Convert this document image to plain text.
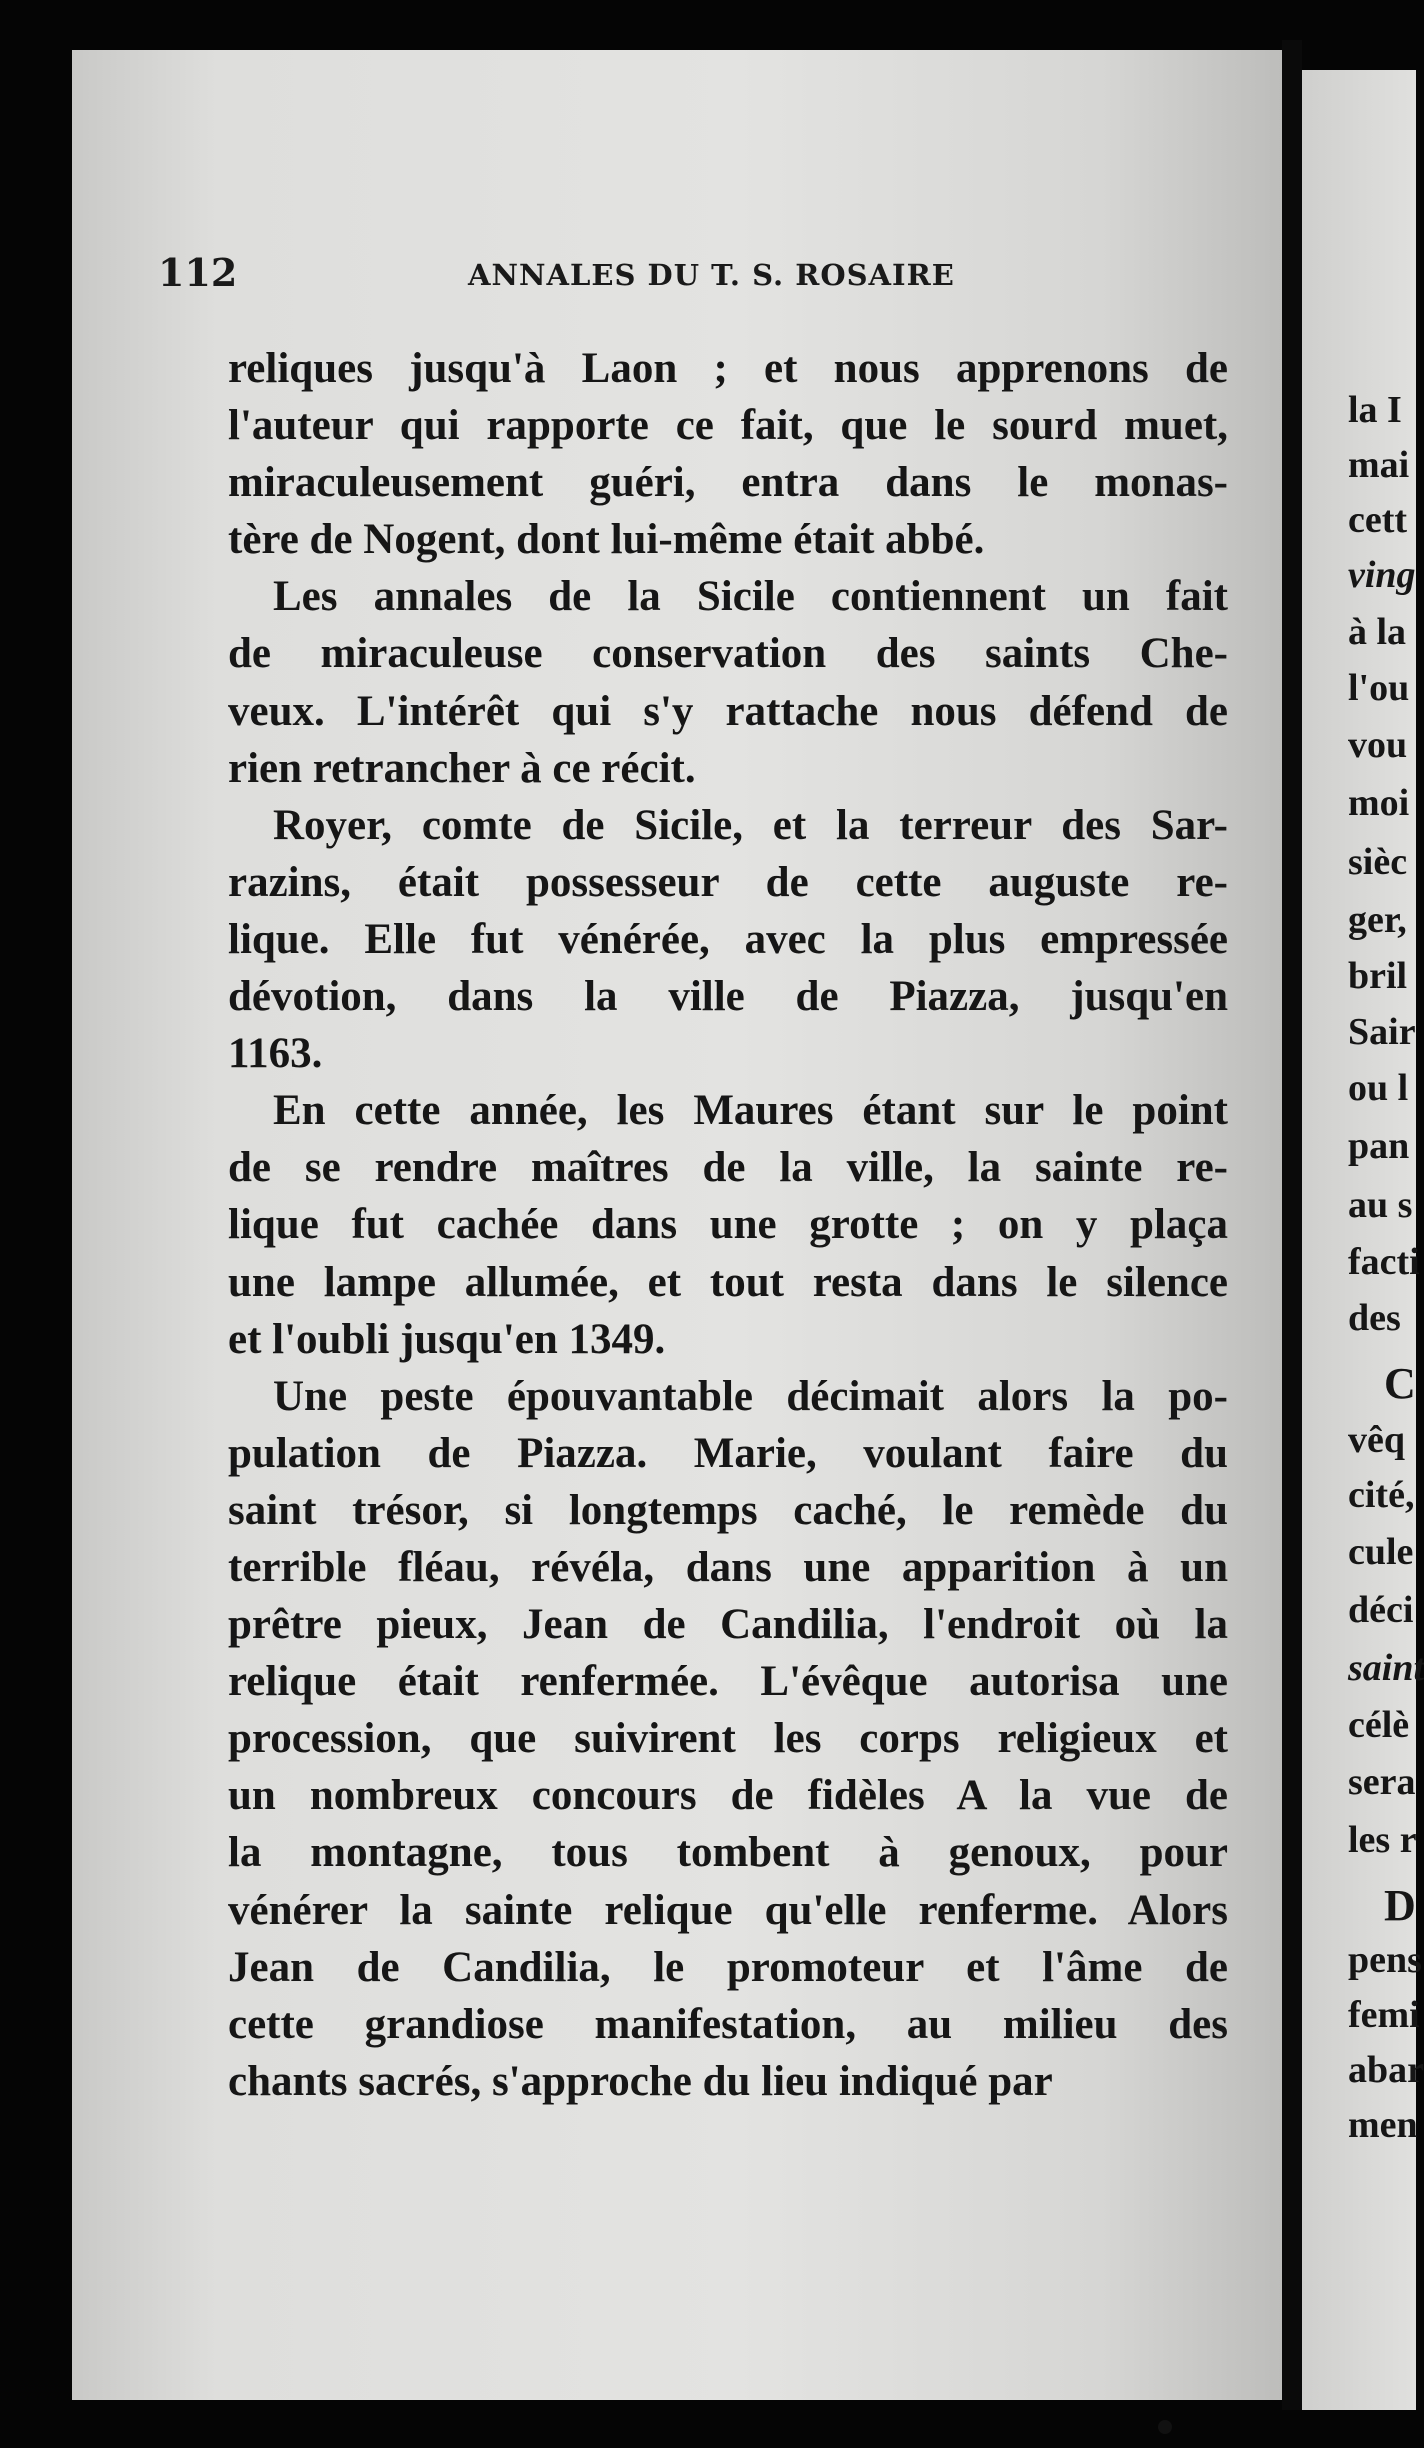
112	ANNALES DU T. S. ROSAIRE
reliques jusqu'à Laon ; et nous apprenons de
l'auteur qui rapporte ce fait, que le sourd muet,
miraculeusement guéri, entra dans le monas-
tère de Nogent, dont lui-même était abbé.
Les annales de la Sicile contiennent un fait
de miraculeuse conservation des saints Che-
veux. L'intérêt qui s'y rattache nous défend de
rien retrancher à ce récit.
Royer, comte de Sicile, et la terreur des Sar-
razins, était possesseur de cette auguste re-
lique. Elle fut vénérée, avec la plus empressée
dévotion, dans la ville de Piazza, jusqu'en
1163.
En cette année, les Maures étant sur le point
de se rendre maîtres de la ville, la sainte re-
lique fut cachée dans une grotte ; on y plaça
une lampe allumée, et tout resta dans le silence
et l'oubli jusqu'en 1349.
Une peste épouvantable décimait alors la po-
pulation de Piazza. Marie, voulant faire du
saint trésor, si longtemps caché, le remède du
terrible fléau, révéla, dans une apparition à un
prêtre pieux, Jean de Candilia, l'endroit où la
relique était renfermée. L'évêque autorisa une
procession, que suivirent les corps religieux et
un nombreux concours de fidèles A la vue de
la montagne, tous tombent à genoux, pour
vénérer la sainte relique qu'elle renferme. Alors
Jean de Candilia, le promoteur et l'âme de
cette grandiose manifestation, au milieu des
chants sacrés, s'approche du lieu indiqué par
la I
mai
cett
ving
à la
l'ou
vou
moi
sièc
ger,
bril
Sair
ou l
pan
au s
facti
des
C
vêq
cité,
cule
déci
saint
célè
sera
les r
D
pens
femi
abar
men
